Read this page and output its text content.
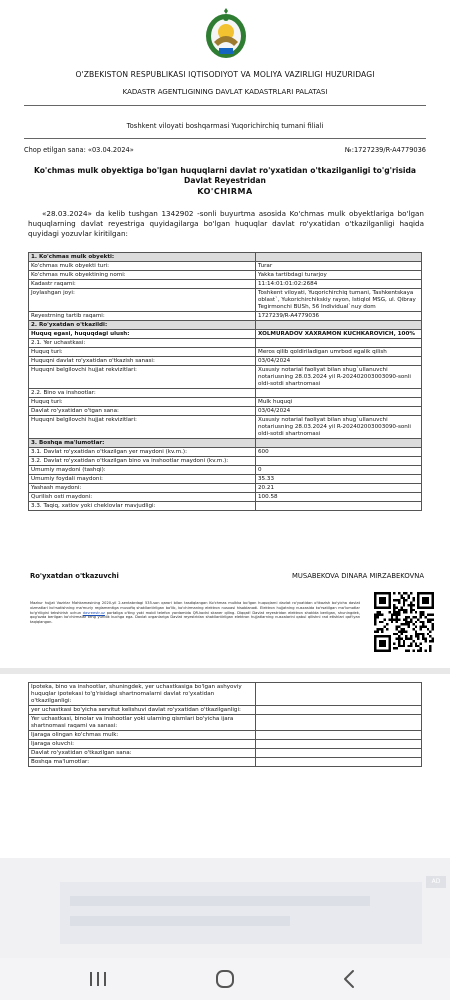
O'ZBEKISTON RESPUBLIKASI IQTISODIYOT VA MOLIYA VAZIRLIGI HUZURIDAGI
KADASTR AGENTLIGINING DAVLAT KADASTRLARI PALATASI
Toshkent viloyati boshqarmasi Yuqorichirchiq tumani filiali
Chop etilgan sana: «03.04.2024»	№:1727239/R-A4779036
Ko'chmas mulk obyektiga bo'lgan huquqlarni davlat ro'yxatidan o'tkazilganligi to'g'risida Davlat Reyestridan
KO'CHIRMA
«28.03.2024» da kelib tushgan 1342902 -sonli buyurtma asosida Ko'chmas mulk obyektlariga bo'lgan huquqlarning davlat reyestriga quyidagilarga bo'lgan huquqlar davlat ro'yxatidan o'tkazilganligi haqida quyidagi yozuvlar kiritilgan:
1. Ko'chmas mulk obyekti:	
Ko'chmas mulk obyekti turi:	Turar
Ko'chmas mulk obyektining nomi:	Yakka tartibdagi turarjoy
Kadastr raqami:	11:14:01:01:02:2684
Joylashgan joyi:	Toshkent viloyati, Yuqorichirchiq tumani, Tashkentskaya oblast`, Yukorichirchikskiy rayon, Istiqlol MSG, ul. Qibray Tegirmonchi BUSh, 56 Individual`nuy dom
Reyestrning tartib raqami:	1727239/R-A4779036
2. Ro'yxatdan o'tkazildi:	
Huquq egasi, huquqdagi ulush:	XOLMURADOV XAXRAMON KUCHKAROVICH, 100%
2.1. Yer uchastkasi:	
Huquq turi:	Meros qilib qoldiriladigan umrbod egalik qilish
Huquqni davlat ro'yxatidan o'tkazish sanasi:	03/04/2024
Huquqni belgilovchi hujjat rekvizitlari:	Xususiy notarial faoliyat bilan shug`ullanuvchi notariusning 28.03.2024 yil R-202402003003090-sonli oldi-sotdi shartnomasi
2.2. Bino va inshootlar:	
Huquq turi:	Mulk huquqi
Davlat ro'yxatidan o'tgan sana:	03/04/2024
Huquqni belgilovchi hujjat rekvizitlari:	Xususiy notarial faoliyat bilan shug`ullanuvchi notariusning 28.03.2024 yil R-202402003003090-sonli oldi-sotdi shartnomasi
3. Boshqa ma'lumotlar:	
3.1. Davlat ro'yxatidan o'tkazilgan yer maydoni (kv.m.):	600
3.2. Davlat ro'yxatidan o'tkazilgan bino va inshootlar maydoni (kv.m.):	
Umumiy maydoni (tashqi):	0
Umumiy foydali maydoni:	35.33
Yashash maydoni:	20.21
Qurilish osti maydoni:	100.58
3.3. Taqiq, xatlov yoki cheklovlar mavjudligi:	
Ro'yxatdan o'tkazuvchi	MUSABEKOVA DINARA MIRZABEKOVNA
Mazkur hujjat Vazirlar Mahkamasining 2020-yil 2-sentabrdagi 535-son qarori bilan tasdiqlangan Ko'chmas mulkka bo'lgan huquqlarni davlat ro'yxatidan o'tkazish bo'yicha davlat xizmatlari ko'rsatishning ma'muriy reglamentiga muvofiq shakllantirilgan bo'lib, ko'chirmaning elektron nusxasi hisoblanadi. Elektron hujjatning nusxasida ko'rsatilgan ma'lumotlar to'g'riligini tekshirish uchun davreestr.uz portaliga o'ting yoki mobil telefon yordamida QR-kodni skaner qiling. Diqqat! Davlat reyestridan elektron shaklda berilgan, shuningdek, qog'ozda berilgan ko'chirmalar teng yuridik kuchga ega. Davlat organlariga Davlat reyestridan shakllantirilgan elektron hujjatlarning nusxalarini qabul qilishni rad etishlari qat'iyan taqiqlangan.
Ipoteka, bino va inshootlar, shuningdek, yer uchastkasiga bo'lgan ashyoviy huquqlar ipotekasi to'g'risidagi shartnomalarni davlat ro'yxatidan o'tkazilganligi:	
yer uchastkasi bo'yicha servitut kelishuvi davlat ro'yxatidan o'tkazilganligi:	
Yer uchastkasi, binolar va inshootlar yoki ularning qismlari bo'yicha ijara shartnomasi raqami va sanasi:	
Ijaraga olingan ko'chmas mulk:	
Ijaraga oluvchi:	
Davlat ro'yxatidan o'tkazilgan sana:	
Boshqa ma'lumotlar:	
AD
